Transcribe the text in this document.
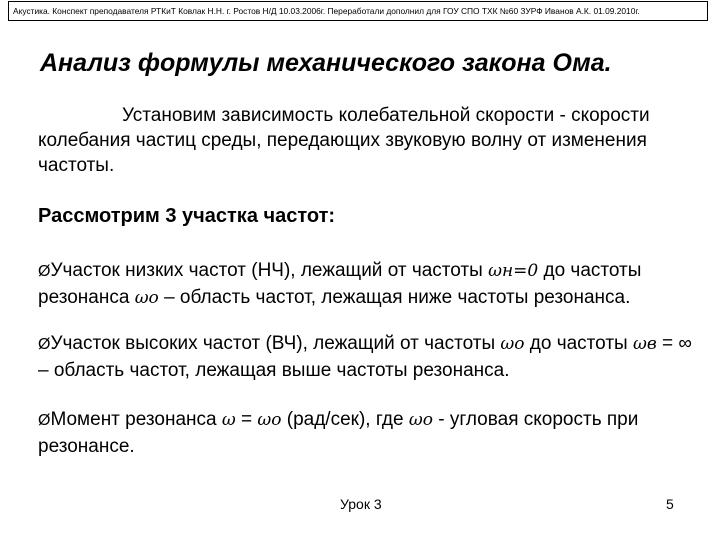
Акустика. Конспект преподавателя РТКиТ Ковлак Н.Н. г. Ростов Н/Д 10.03.2006г. Переработали дополнил для ГОУ СПО ТХК №60 ЗУРФ Иванов А.К. 01.09.2010г.
Анализ формулы механического закона Ома.
Установим зависимость колебательной скорости - скорости колебания частиц среды, передающих звуковую волну от изменения частоты.
Рассмотрим 3 участка частот:
ØУчасток низких частот (НЧ), лежащий от частоты ωн=0 до частоты резонанса ωо – область частот, лежащая ниже частоты резонанса.
ØУчасток высоких частот (ВЧ), лежащий от частоты ωо до частоты ωв = ∞ – область частот, лежащая выше частоты резонанса.
ØМомент резонанса ω = ωо (рад/сек), где ωо - угловая скорость при резонансе.
Урок 3	5
